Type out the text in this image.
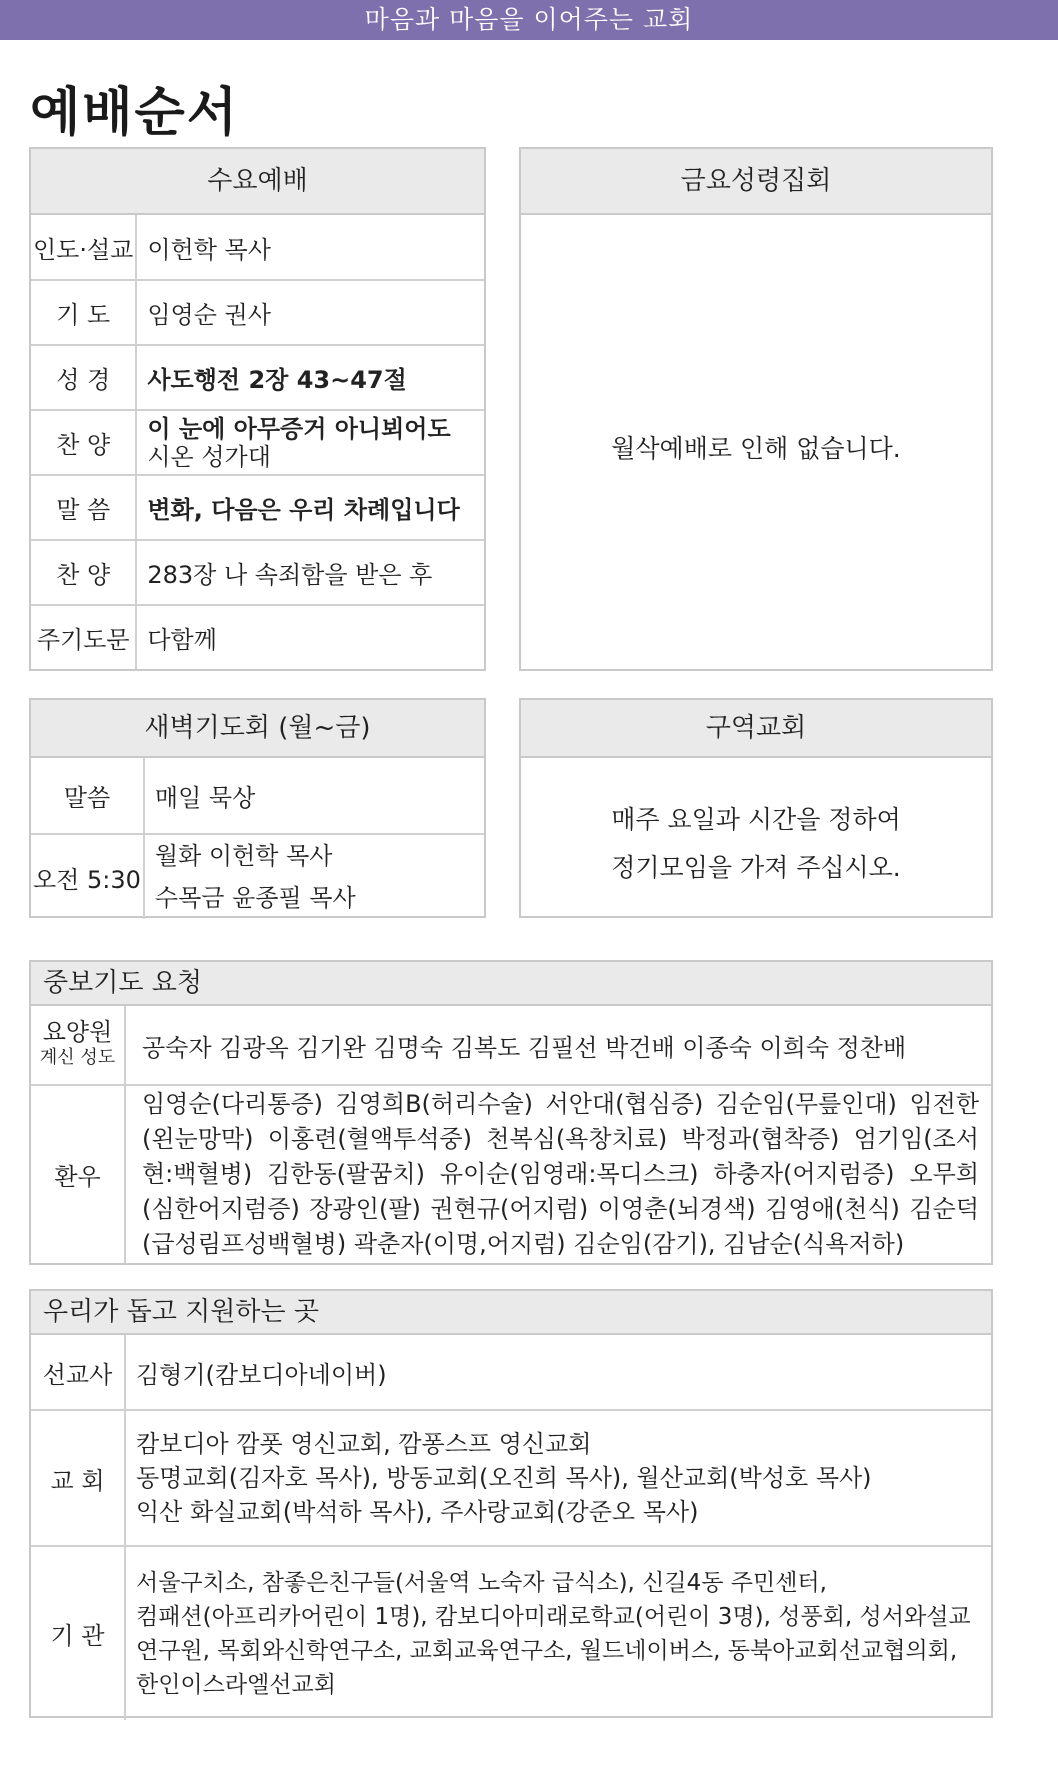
마음과 마음을 이어주는 교회
예배순서
수요예배
인도·설교	이헌학 목사
기 도	임영순 권사
성 경	사도행전 2장 43~47절
찬 양	이 눈에 아무증거 아니뵈어도
시온 성가대

말 씀	변화, 다음은 우리 차례입니다
찬 양	283장 나 속죄함을 받은 후
주기도문	다함께
금요성령집회
월삭예배로 인해 없습니다.
새벽기도회 (월~금)
말씀	매일 묵상
오전 5:30	월화 이헌학 목사
수목금 윤종필 목사
구역교회
매주 요일과 시간을 정하여
정기모임을 가져 주십시오.
중보기도 요청
요양원
계신 성도	공숙자 김광옥 김기완 김명숙 김복도 김필선 박건배 이종숙 이희숙 정찬배
환우	임영순(다리통증) 김영희B(허리수술) 서안대(협심증) 김순임(무릎인대) 임전한(왼눈망막) 이홍련(혈액투석중) 천복심(욕창치료) 박정과(협착증) 엄기임(조서현:백혈병) 김한동(팔꿈치) 유이순(임영래:목디스크) 하충자(어지럼증) 오무희(심한어지럼증) 장광인(팔) 권현규(어지럼) 이영춘(뇌경색) 김영애(천식) 김순덕(급성림프성백혈병) 곽춘자(이명,어지럼) 김순임(감기), 김남순(식욕저하)
우리가 돕고 지원하는 곳
선교사	김형기(캄보디아네이버)
교 회	캄보디아 깜폿 영신교회, 깜퐁스프 영신교회
동명교회(김자호 목사), 방동교회(오진희 목사), 월산교회(박성호 목사)
익산 화실교회(박석하 목사), 주사랑교회(강준오 목사)

기 관	서울구치소, 참좋은친구들(서울역 노숙자 급식소), 신길4동 주민센터,
컴패션(아프리카어린이 1명), 캄보디아미래로학교(어린이 3명), 성풍회, 성서와설교
연구원, 목회와신학연구소, 교회교육연구소, 월드네이버스, 동북아교회선교협의회,
한인이스라엘선교회
